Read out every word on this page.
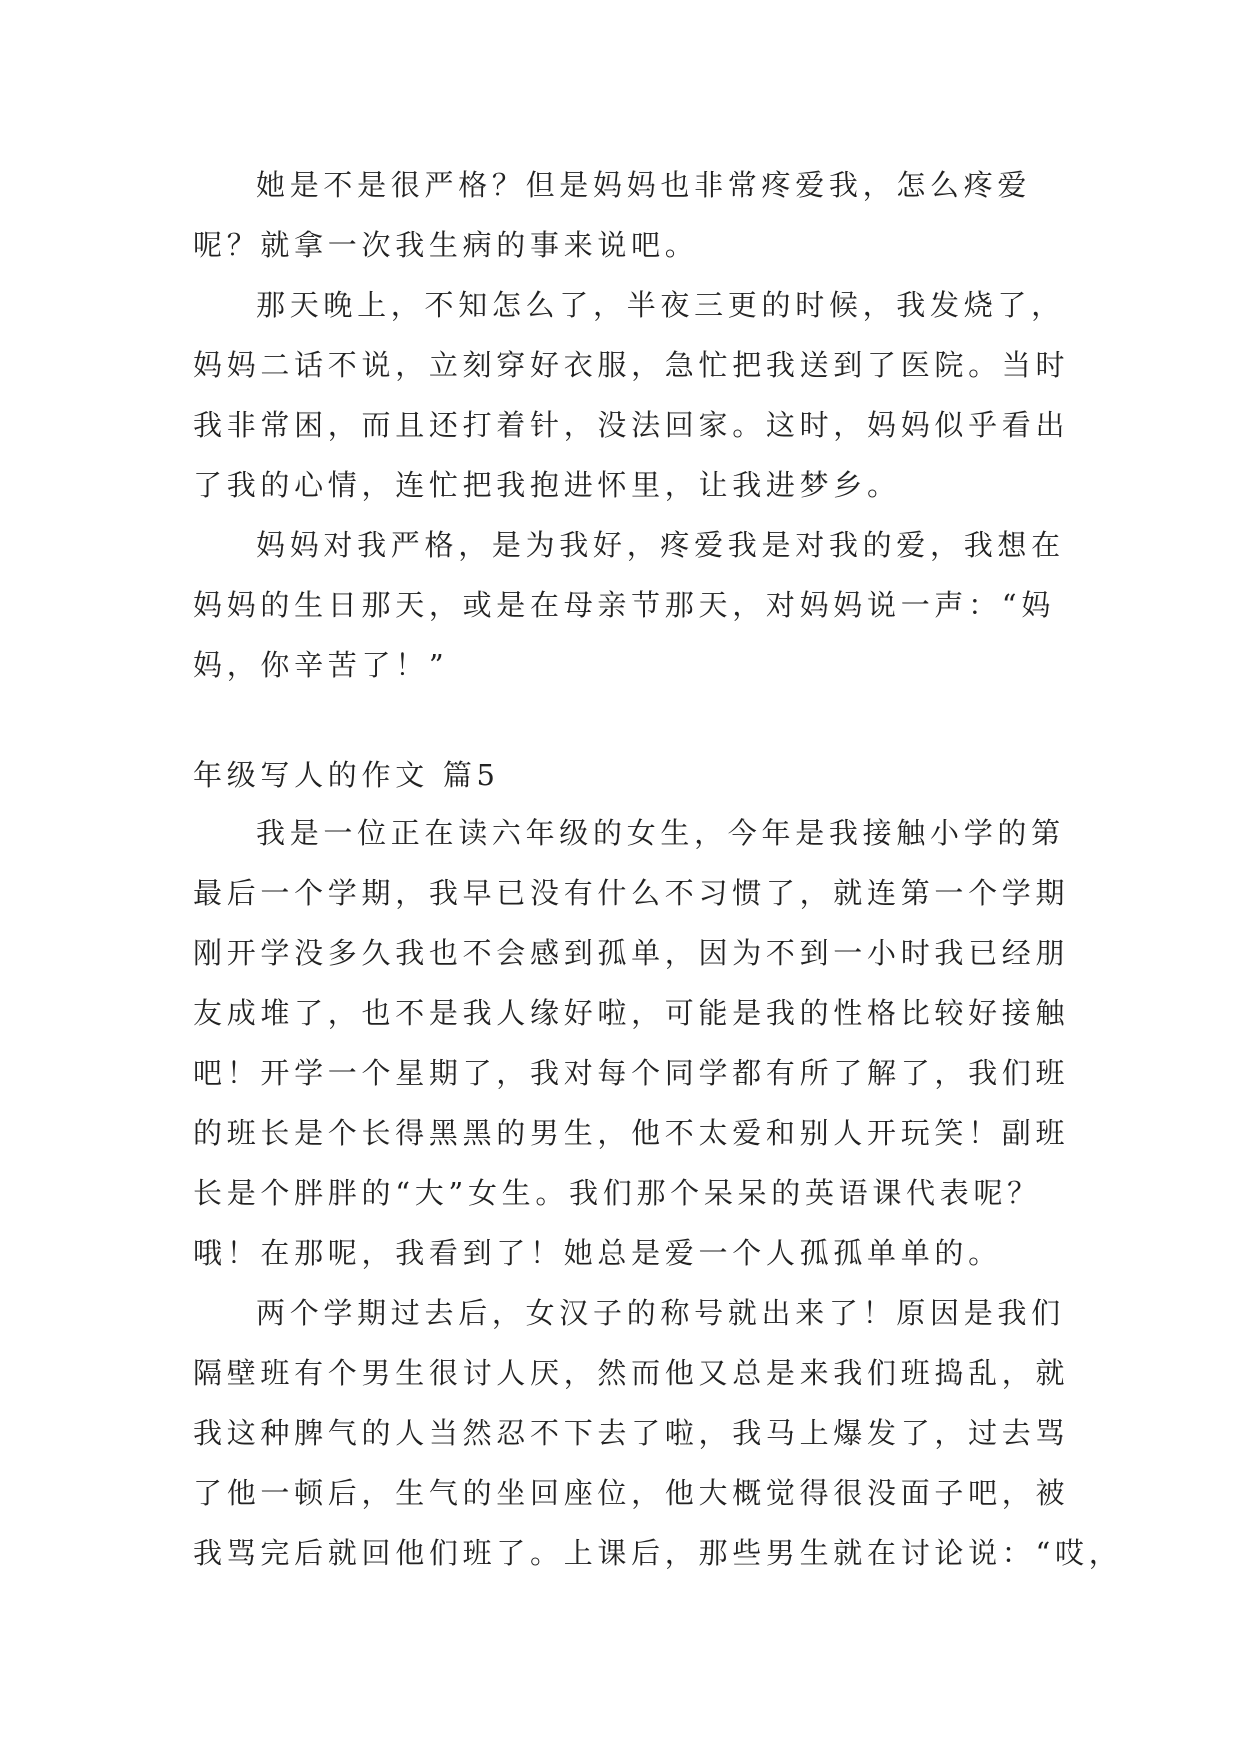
她是不是很严格？但是妈妈也非常疼爱我，怎么疼爱
呢？就拿一次我生病的事来说吧。
那天晚上，不知怎么了，半夜三更的时候，我发烧了，
妈妈二话不说，立刻穿好衣服，急忙把我送到了医院。当时
我非常困，而且还打着针，没法回家。这时，妈妈似乎看出
了我的心情，连忙把我抱进怀里，让我进梦乡。
妈妈对我严格，是为我好，疼爱我是对我的爱，我想在
妈妈的生日那天，或是在母亲节那天，对妈妈说一声：“妈
妈，你辛苦了！”
年级写人的作文 篇5
我是一位正在读六年级的女生，今年是我接触小学的第
最后一个学期，我早已没有什么不习惯了，就连第一个学期
刚开学没多久我也不会感到孤单，因为不到一小时我已经朋
友成堆了，也不是我人缘好啦，可能是我的性格比较好接触
吧！开学一个星期了，我对每个同学都有所了解了，我们班
的班长是个长得黑黑的男生，他不太爱和别人开玩笑！副班
长是个胖胖的“大”女生。我们那个呆呆的英语课代表呢？
哦！在那呢，我看到了！她总是爱一个人孤孤单单的。
两个学期过去后，女汉子的称号就出来了！原因是我们
隔壁班有个男生很讨人厌，然而他又总是来我们班捣乱，就
我这种脾气的人当然忍不下去了啦，我马上爆发了，过去骂
了他一顿后，生气的坐回座位，他大概觉得很没面子吧，被
我骂完后就回他们班了。上课后，那些男生就在讨论说：“哎，
